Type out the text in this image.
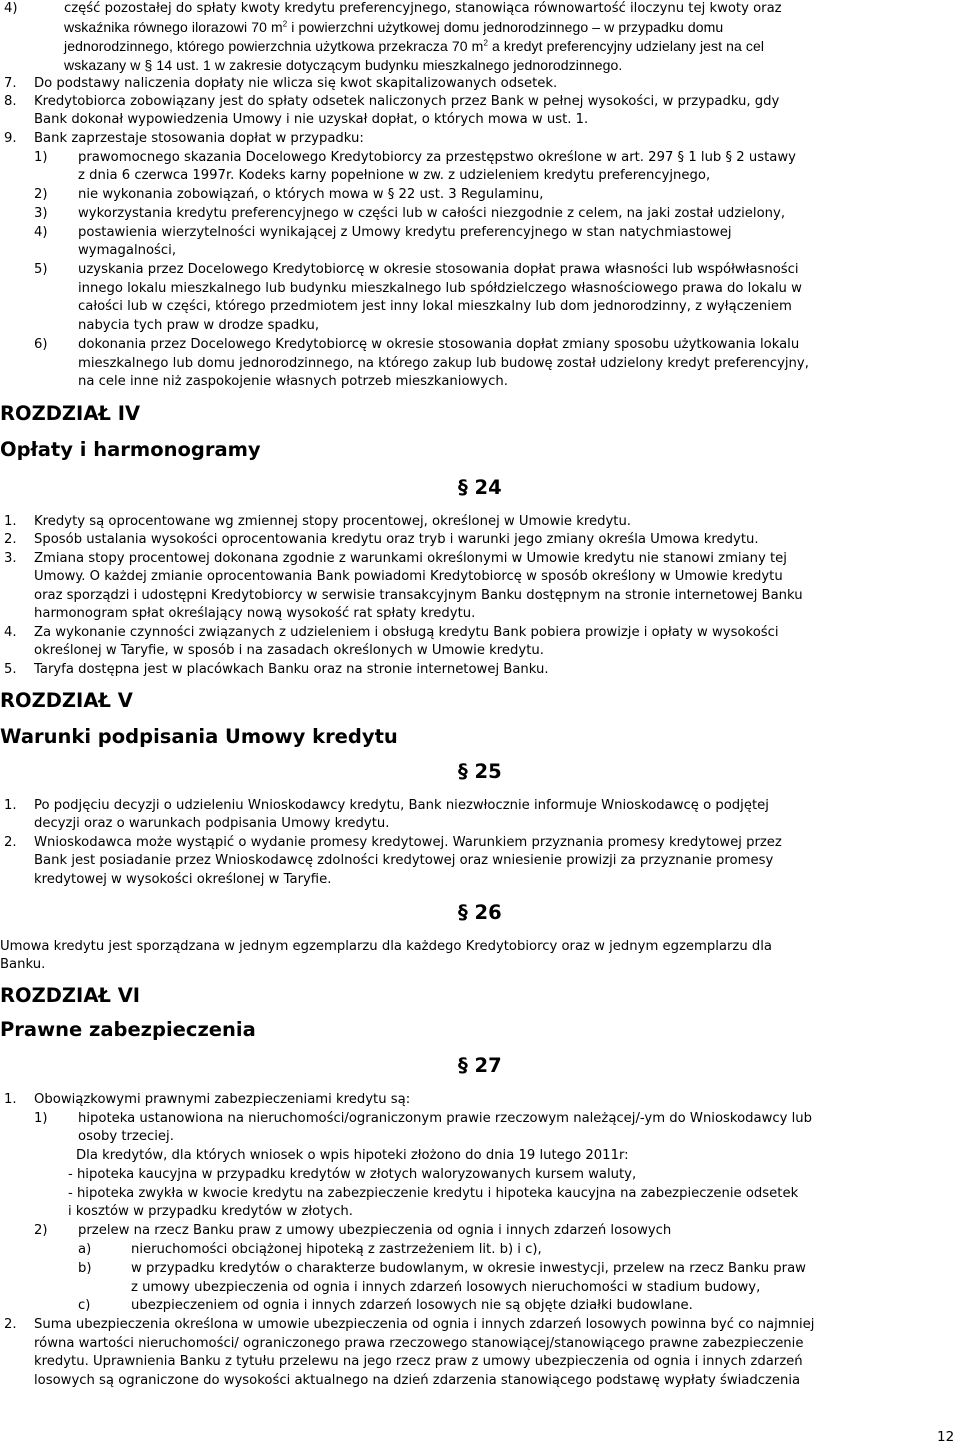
4)	część pozostałej do spłaty kwoty kredytu preferencyjnego, stanowiąca równowartość iloczynu tej kwoty oraz
wskaźnika równego ilorazowi 70 $m^2$ i powierzchni użytkowej domu jednorodzinnego – w przypadku domu
jednorodzinnego, którego powierzchnia użytkowa przekracza 70 $m^2$ a kredyt preferencyjny udzielany jest na cel
wskazany w § 14 ust. 1 w zakresie dotyczącym budynku mieszkalnego jednorodzinnego.
7. Do podstawy naliczenia dopłaty nie wlicza się kwot skapitalizowanych odsetek.
8. Kredytobiorca zobowiązany jest do spłaty odsetek naliczonych przez Bank w pełnej wysokości, w przypadku, gdy
Bank dokonał wypowiedzenia Umowy i nie uzyskał dopłat, o których mowa w ust. 1.
9. Bank zaprzestaje stosowania dopłat w przypadku:
1) prawomocnego skazania Docelowego Kredytobiorcy za przestępstwo określone w art. 297 § 1 lub § 2 ustawy
z dnia 6 czerwca 1997r. Kodeks karny popełnione w zw. z udzieleniem kredytu preferencyjnego,
2) nie wykonania zobowiązań, o których mowa w § 22 ust. 3 Regulaminu,
3) wykorzystania kredytu preferencyjnego w części lub w całości niezgodnie z celem, na jaki został udzielony,
4) postawienia wierzytelności wynikającej z Umowy kredytu preferencyjnego w stan natychmiastowej
wymagalności,
5) uzyskania przez Docelowego Kredytobiorcę w okresie stosowania dopłat prawa własności lub współwłasności
innego lokalu mieszkalnego lub budynku mieszkalnego lub spółdzielczego własnościowego prawa do lokalu w
całości lub w części, którego przedmiotem jest inny lokal mieszkalny lub dom jednorodzinny, z wyłączeniem
nabycia tych praw w drodze spadku,
6) dokonania przez Docelowego Kredytobiorcę w okresie stosowania dopłat zmiany sposobu użytkowania lokalu
mieszkalnego lub domu jednorodzinnego, na którego zakup lub budowę został udzielony kredyt preferencyjny,
na cele inne niż zaspokojenie własnych potrzeb mieszkaniowych.
ROZDZIAŁ IV
Opłaty i harmonogramy
§ 24
1. Kredyty są oprocentowane wg zmiennej stopy procentowej, określonej w Umowie kredytu.
2. Sposób ustalania wysokości oprocentowania kredytu oraz tryb i warunki jego zmiany określa Umowa kredytu.
3. Zmiana stopy procentowej dokonana zgodnie z warunkami określonymi w Umowie kredytu nie stanowi zmiany tej
Umowy. O każdej zmianie oprocentowania Bank powiadomi Kredytobiorcę w sposób określony w Umowie kredytu
oraz sporządzi i udostępni Kredytobiorcy w serwisie transakcyjnym Banku dostępnym na stronie internetowej Banku
harmonogram spłat określający nową wysokość rat spłaty kredytu.
4. Za wykonanie czynności związanych z udzieleniem i obsługą kredytu Bank pobiera prowizje i opłaty w wysokości
określonej w Taryfie, w sposób i na zasadach określonych w Umowie kredytu.
5. Taryfa dostępna jest w placówkach Banku oraz na stronie internetowej Banku.
ROZDZIAŁ V
Warunki podpisania Umowy kredytu
§ 25
1. Po podjęciu decyzji o udzieleniu Wnioskodawcy kredytu, Bank niezwłocznie informuje Wnioskodawcę o podjętej
decyzji oraz o warunkach podpisania Umowy kredytu.
2. Wnioskodawca może wystąpić o wydanie promesy kredytowej. Warunkiem przyznania promesy kredytowej przez
Bank jest posiadanie przez Wnioskodawcę zdolności kredytowej oraz wniesienie prowizji za przyznanie promesy
kredytowej w wysokości określonej w Taryfie.
§ 26
Umowa kredytu jest sporządzana w jednym egzemplarzu dla każdego Kredytobiorcy oraz w jednym egzemplarzu dla
Banku.
ROZDZIAŁ VI
Prawne zabezpieczenia
§ 27
1. Obowiązkowymi prawnymi zabezpieczeniami kredytu są:
1) hipoteka ustanowiona na nieruchomości/ograniczonym prawie rzeczowym należącej/-ym do Wnioskodawcy lub
osoby trzeciej.
Dla kredytów, dla których wniosek o wpis hipoteki złożono do dnia 19 lutego 2011r:
- hipoteka kaucyjna w przypadku kredytów w złotych waloryzowanych kursem waluty,
- hipoteka zwykła w kwocie kredytu na zabezpieczenie kredytu i hipoteka kaucyjna na zabezpieczenie odsetek
i kosztów w przypadku kredytów w złotych.
2) przelew na rzecz Banku praw z umowy ubezpieczenia od ognia i innych zdarzeń losowych
a)	nieruchomości obciążonej hipoteką z zastrzeżeniem lit. b) i c),
b)	w przypadku kredytów o charakterze budowlanym, w okresie inwestycji, przelew na rzecz Banku praw
z umowy ubezpieczenia od ognia i innych zdarzeń losowych nieruchomości w stadium budowy,
c)	ubezpieczeniem od ognia i innych zdarzeń losowych nie są objęte działki budowlane.
2. Suma ubezpieczenia określona w umowie ubezpieczenia od ognia i innych zdarzeń losowych powinna być co najmniej
równa wartości nieruchomości/ ograniczonego prawa rzeczowego stanowiącej/stanowiącego prawne zabezpieczenie
kredytu. Uprawnienia Banku z tytułu przelewu na jego rzecz praw z umowy ubezpieczenia od ognia i innych zdarzeń
losowych są ograniczone do wysokości aktualnego na dzień zdarzenia stanowiącego podstawę wypłaty świadczenia
12
